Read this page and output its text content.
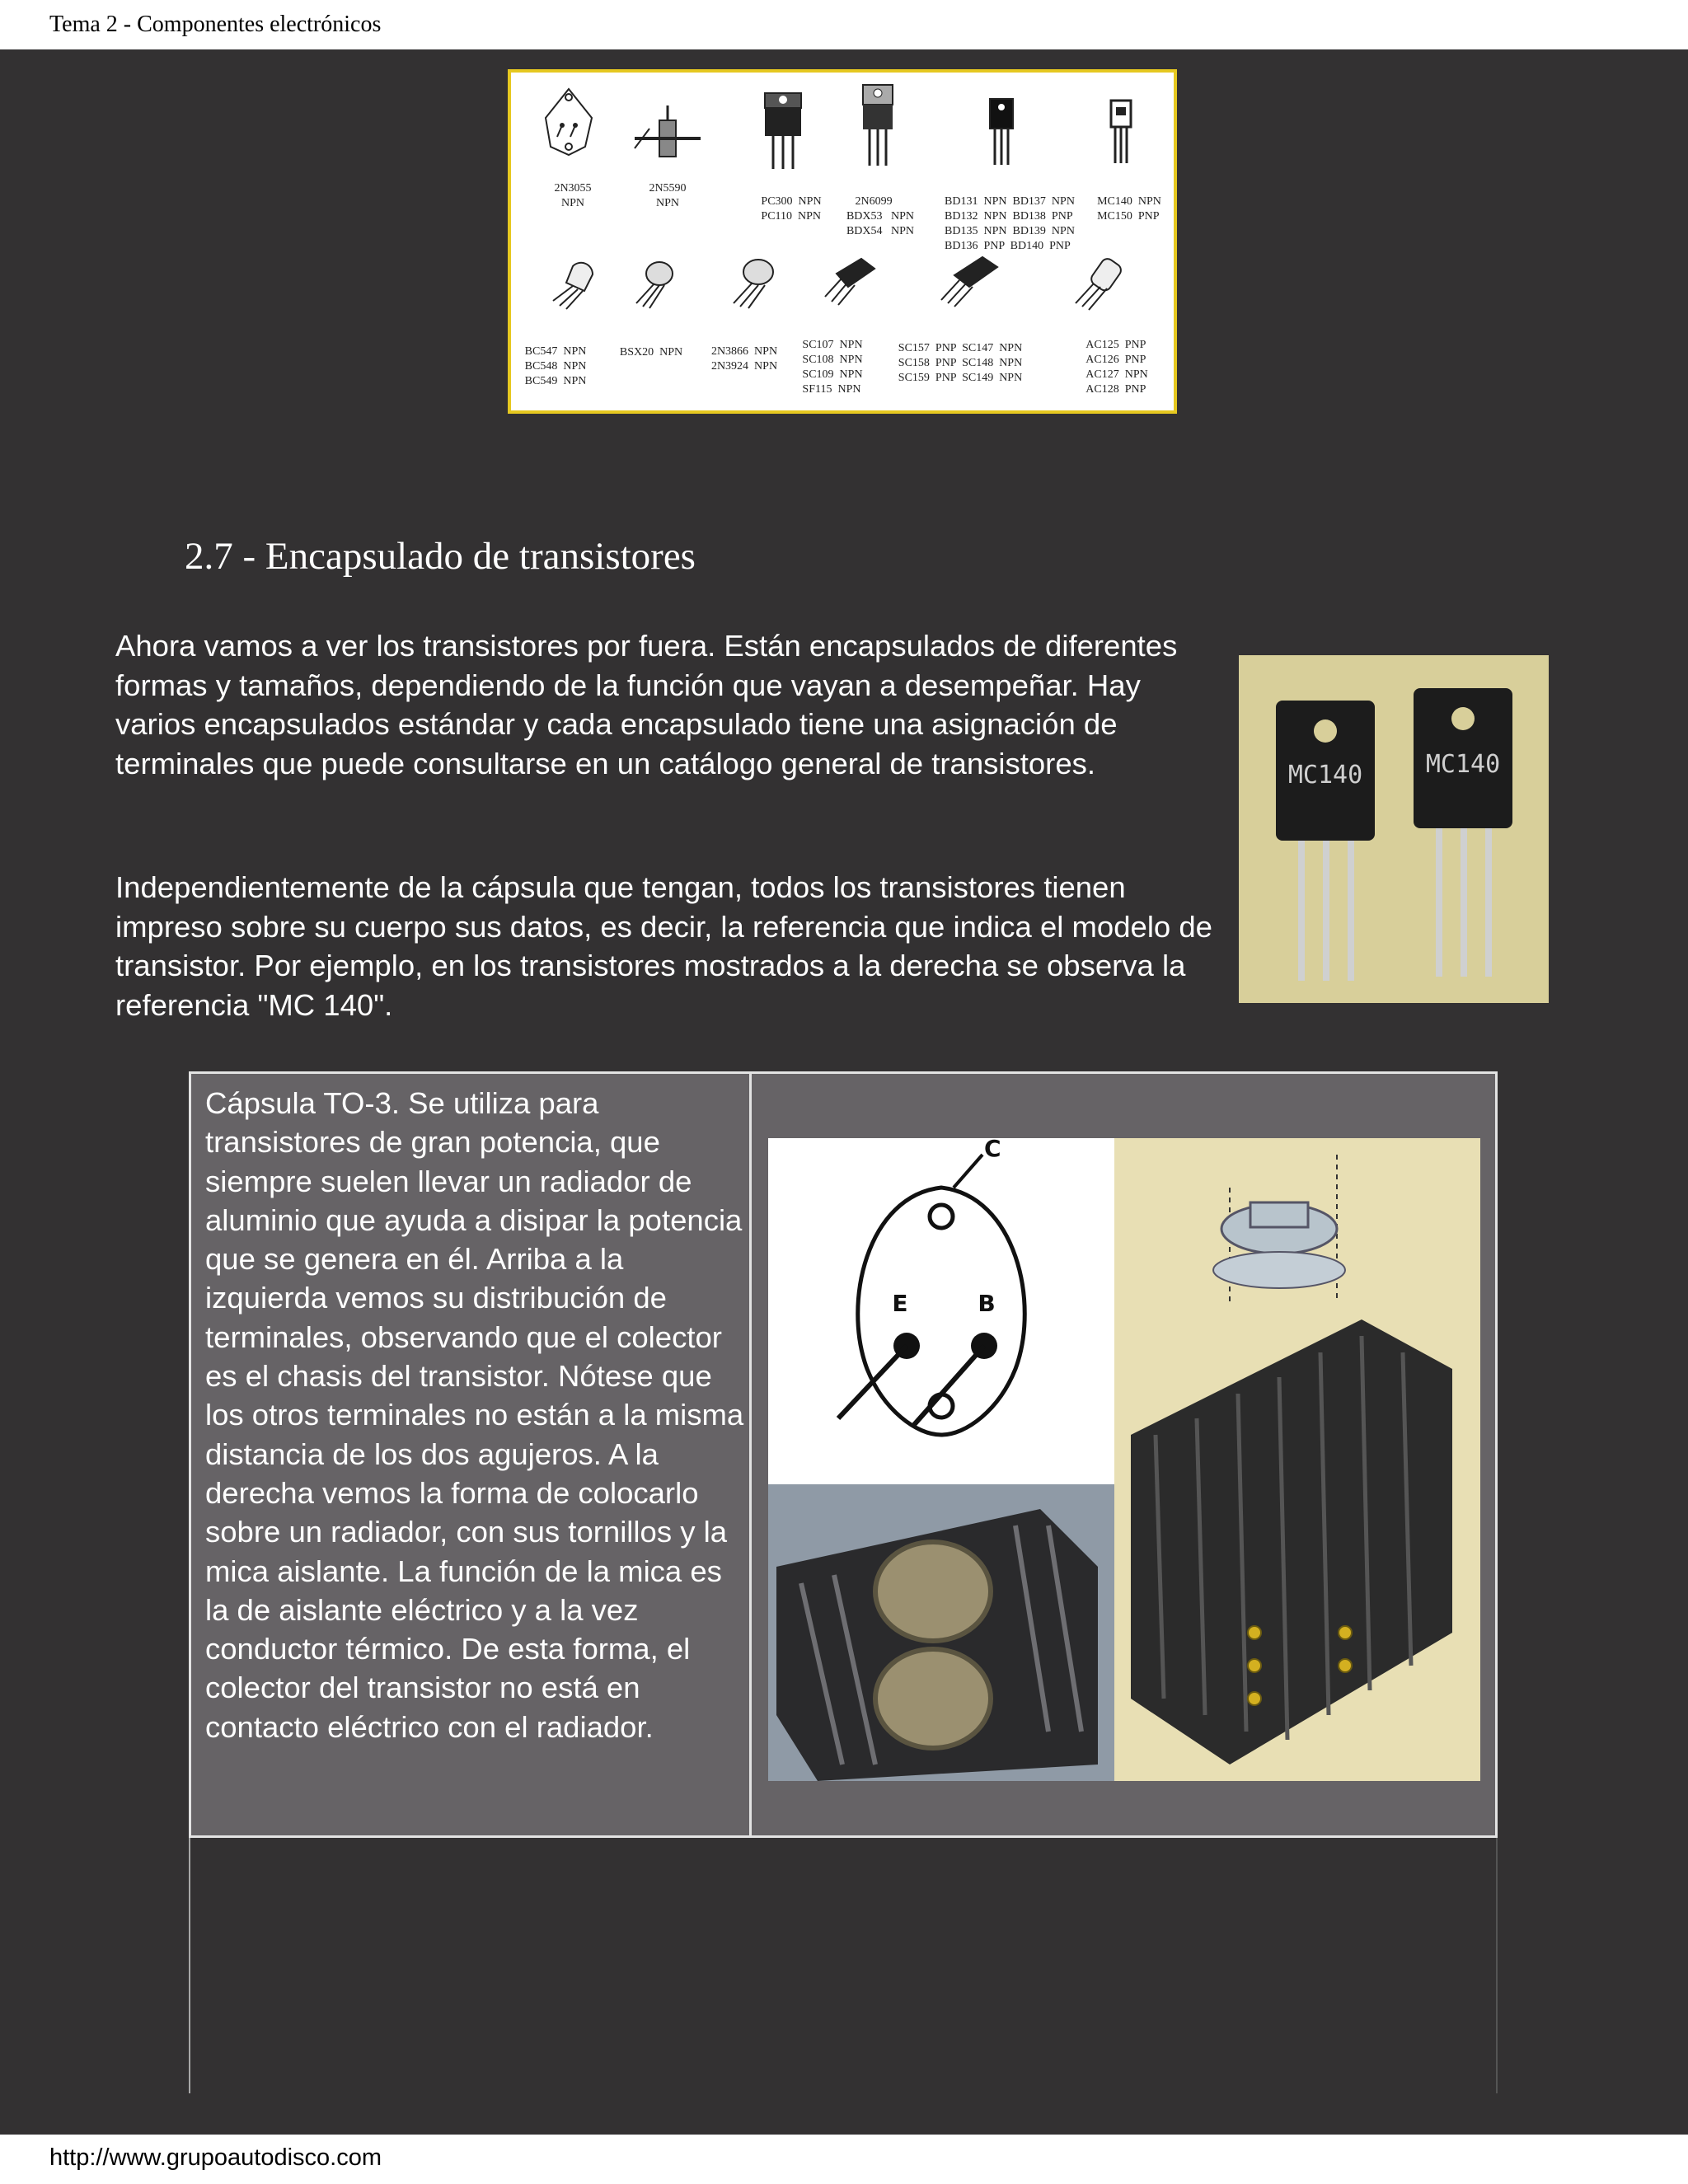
Tema 2 - Componentes electrónicos
2N3055
NPN
2N5590
NPN	PC300  NPN
PC110  NPN
2N6099
BDX53   NPN
BDX54   NPN
BD131  NPN  BD137  NPN
BD132  NPN  BD138  PNP
BD135  NPN  BD139  NPN
BD136  PNP  BD140  PNP
MC140  NPN
MC150  PNP
BC547  NPN
BC548  NPN
BC549  NPN
BSX20  NPN	2N3866  NPN
2N3924  NPN
SC107  NPN
SC108  NPN
SC109  NPN
SF115  NPN
SC157  PNP  SC147  NPN
SC158  PNP  SC148  NPN
SC159  PNP  SC149  NPN
AC125  PNP
AC126  PNP
AC127  NPN
AC128  PNP
2.7 - Encapsulado de transistores

Ahora vamos a ver los transistores por fuera. Están encapsulados de diferentes formas y tamaños, dependiendo de la función que vayan a desempeñar. Hay varios encapsulados estándar y cada encapsulado tiene una asignación de terminales que puede consultarse en un catálogo general de transistores.

Independientemente de la cápsula que tengan, todos los transistores tienen impreso sobre su cuerpo sus datos, es decir, la referencia que indica el modelo de transistor. Por ejemplo, en los transistores mostrados a la derecha se observa la referencia "MC 140".

MC140	MC140

Cápsula TO-3. Se utiliza para transistores de gran potencia, que siempre suelen llevar un radiador de aluminio que ayuda a disipar la potencia que se genera en él. Arriba a la izquierda vemos su distribución de terminales, observando que el colector es el chasis del transistor. Nótese que los otros terminales no están a la misma distancia de los dos agujeros. A la derecha vemos la forma de colocarlo sobre un radiador, con sus tornillos y la mica aislante. La función de la mica es la de aislante eléctrico y a la vez conductor térmico. De esta forma, el colector del transistor no está en contacto eléctrico con el radiador.

C
E	B
http://www.grupoautodisco.com
